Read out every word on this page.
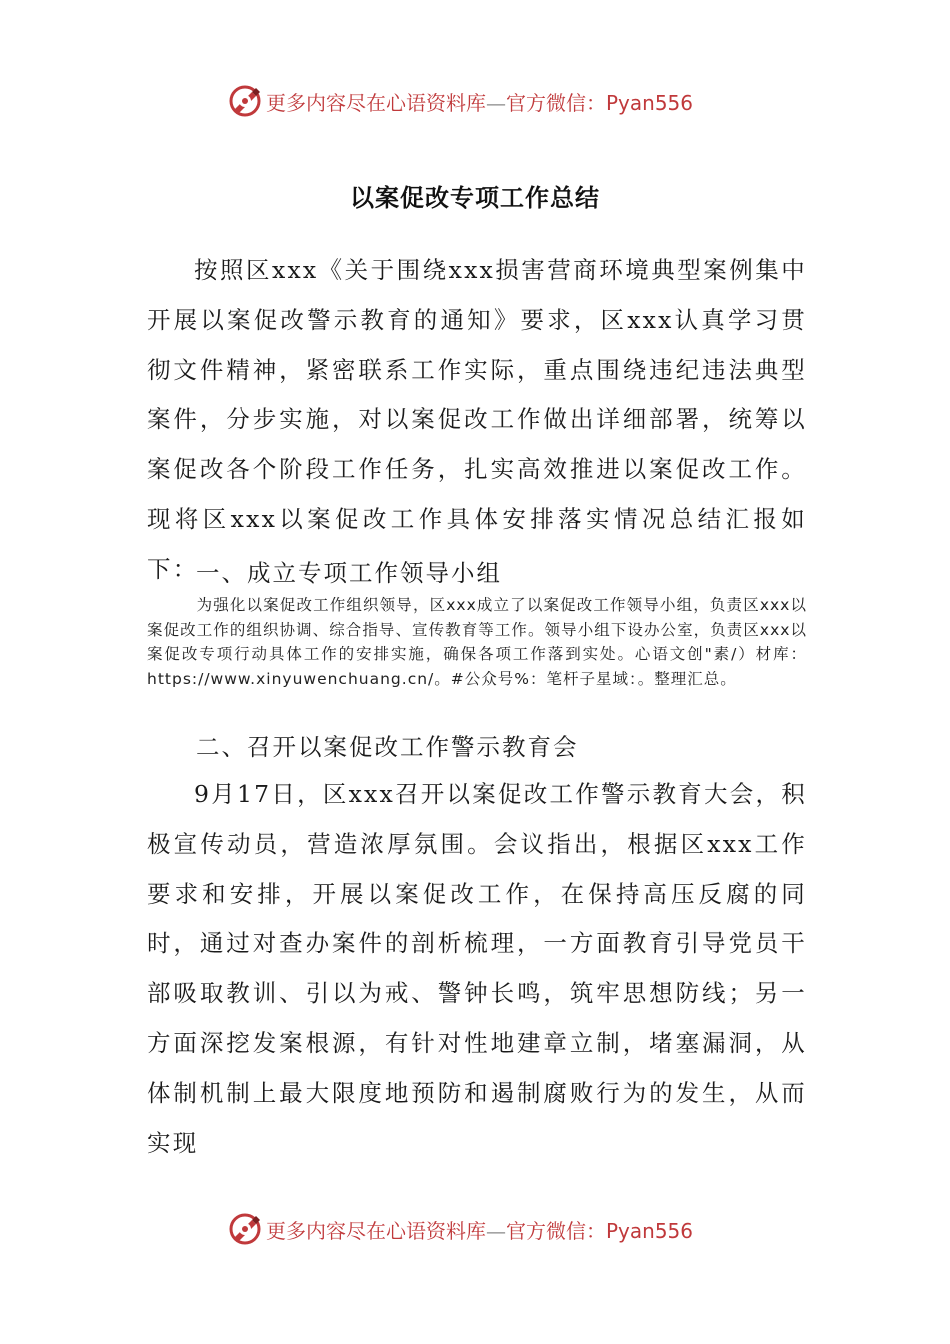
更多内容尽在心语资料库—官方微信：Pyan556
以案促改专项工作总结

按照区xxx《关于围绕xxx损害营商环境典型案例集中开展以案促改警示教育的通知》要求，区xxx认真学习贯彻文件精神，紧密联系工作实际，重点围绕违纪违法典型案件，分步实施，对以案促改工作做出详细部署，统筹以案促改各个阶段工作任务，扎实高效推进以案促改工作。现将区xxx以案促改工作具体安排落实情况总结汇报如下：

一、成立专项工作领导小组

为强化以案促改工作组织领导，区xxx成立了以案促改工作领导小组，负责区xxx以案促改工作的组织协调、综合指导、宣传教育等工作。领导小组下设办公室，负责区xxx以案促改专项行动具体工作的安排实施，确保各项工作落到实处。心语文创"素/）材库：https://www.xinyuwenchuang.cn/。#公众号%：笔杆子星域：。整理汇总。

二、召开以案促改工作警示教育会

9月17日，区xxx召开以案促改工作警示教育大会，积极宣传动员，营造浓厚氛围。会议指出，根据区xxx工作要求和安排，开展以案促改工作，在保持高压反腐的同时，通过对查办案件的剖析梳理，一方面教育引导党员干部吸取教训、引以为戒、警钟长鸣，筑牢思想防线；另一方面深挖发案根源，有针对性地建章立制，堵塞漏洞，从体制机制上最大限度地预防和遏制腐败行为的发生，从而实现

更多内容尽在心语资料库—官方微信：Pyan556
